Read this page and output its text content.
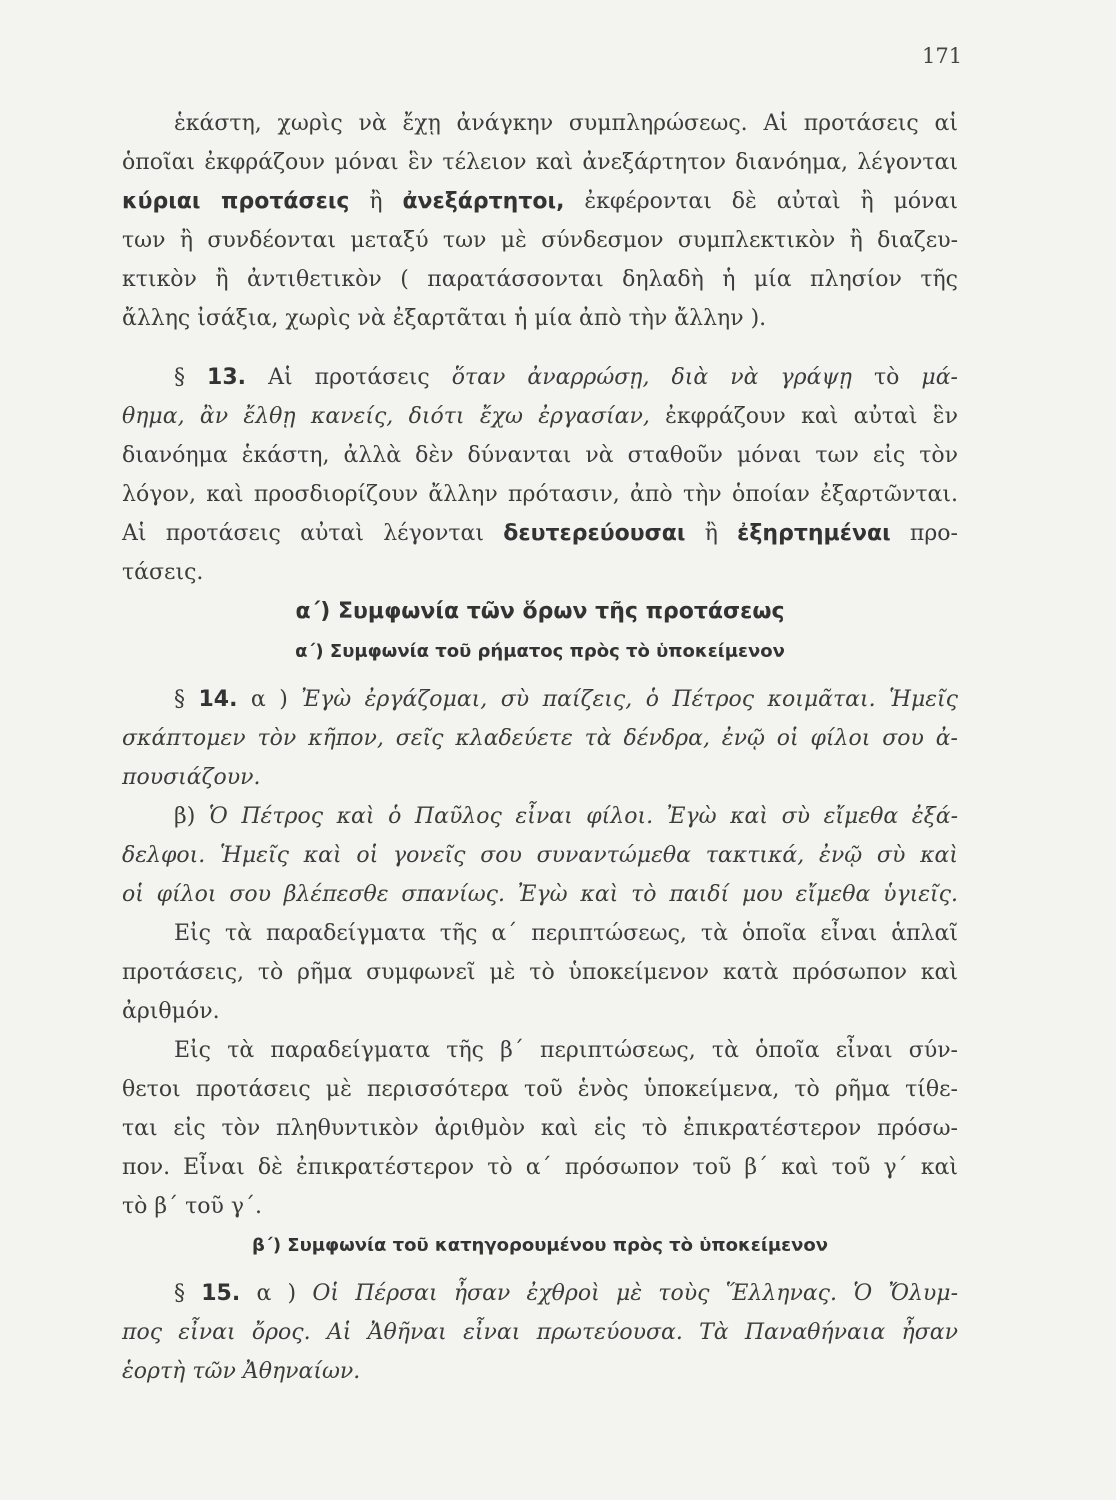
171
ἑκάστη, χωρὶς νὰ ἔχῃ ἀνάγκην συμπληρώσεως. Αἱ προτάσεις αἱ
ὁποῖαι ἐκφράζουν μόναι ἓν τέλειον καὶ ἀνεξάρτητον διανόημα, λέγονται
κύριαι προτάσεις ἢ ἀνεξάρτητοι, ἐκφέρονται δὲ αὐταὶ ἢ μόναι
των ἢ συνδέονται μεταξύ των μὲ σύνδεσμον συμπλεκτικὸν ἢ διαζευ-
κτικὸν ἢ ἀντιθετικὸν ( παρατάσσονται δηλαδὴ ἡ μία πλησίον τῆς
ἄλλης ἰσάξια, χωρὶς νὰ ἐξαρτᾶται ἡ μία ἀπὸ τὴν ἄλλην ).
§ 13. Αἱ προτάσεις ὅταν ἀναρρώσῃ, διὰ νὰ γράψῃ τὸ μά-
θημα, ἂν ἔλθῃ κανείς, διότι ἔχω ἐργασίαν, ἐκφράζουν καὶ αὐταὶ ἓν
διανόημα ἑκάστη, ἀλλὰ δὲν δύνανται νὰ σταθοῦν μόναι των εἰς τὸν
λόγον, καὶ προσδιορίζουν ἄλλην πρότασιν, ἀπὸ τὴν ὁποίαν ἐξαρτῶνται.
Αἱ προτάσεις αὐταὶ λέγονται δευτερεύουσαι ἢ ἐξηρτημέναι προ-
τάσεις.
α΄) Συμφωνία τῶν ὅρων τῆς προτάσεως
α΄) Συμφωνία τοῦ ρήματος πρὸς τὸ ὑποκείμενον
§ 14. α ) Ἐγὼ ἐργάζομαι, σὺ παίζεις, ὁ Πέτρος κοιμᾶται. Ἡμεῖς
σκάπτομεν τὸν κῆπον, σεῖς κλαδεύετε τὰ δένδρα, ἐνῷ οἱ φίλοι σου ἀ-
πουσιάζουν.
β) Ὁ Πέτρος καὶ ὁ Παῦλος εἶναι φίλοι. Ἐγὼ καὶ σὺ εἴμεθα ἐξά-
δελφοι. Ἡμεῖς καὶ οἱ γονεῖς σου συναντώμεθα τακτικά, ἐνῷ σὺ καὶ
οἱ φίλοι σου βλέπεσθε σπανίως. Ἐγὼ καὶ τὸ παιδί μου εἴμεθα ὑγιεῖς.
Εἰς τὰ παραδείγματα τῆς α΄ περιπτώσεως, τὰ ὁποῖα εἶναι ἁπλαῖ
προτάσεις, τὸ ρῆμα συμφωνεῖ μὲ τὸ ὑποκείμενον κατὰ πρόσωπον καὶ
ἀριθμόν.
Εἰς τὰ παραδείγματα τῆς β΄ περιπτώσεως, τὰ ὁποῖα εἶναι σύν-
θετοι προτάσεις μὲ περισσότερα τοῦ ἑνὸς ὑποκείμενα, τὸ ρῆμα τίθε-
ται εἰς τὸν πληθυντικὸν ἀριθμὸν καὶ εἰς τὸ ἐπικρατέστερον πρόσω-
πον. Εἶναι δὲ ἐπικρατέστερον τὸ α΄ πρόσωπον τοῦ β΄ καὶ τοῦ γ΄ καὶ
τὸ β΄ τοῦ γ΄.
β΄) Συμφωνία τοῦ κατηγορουμένου πρὸς τὸ ὑποκείμενον
§ 15. α ) Οἱ Πέρσαι ἦσαν ἐχθροὶ μὲ τοὺς Ἕλληνας. Ὁ Ὄλυμ-
πος εἶναι ὄρος. Αἱ Ἀθῆναι εἶναι πρωτεύουσα. Τὰ Παναθήναια ἦσαν
ἑορτὴ τῶν Ἀθηναίων.
